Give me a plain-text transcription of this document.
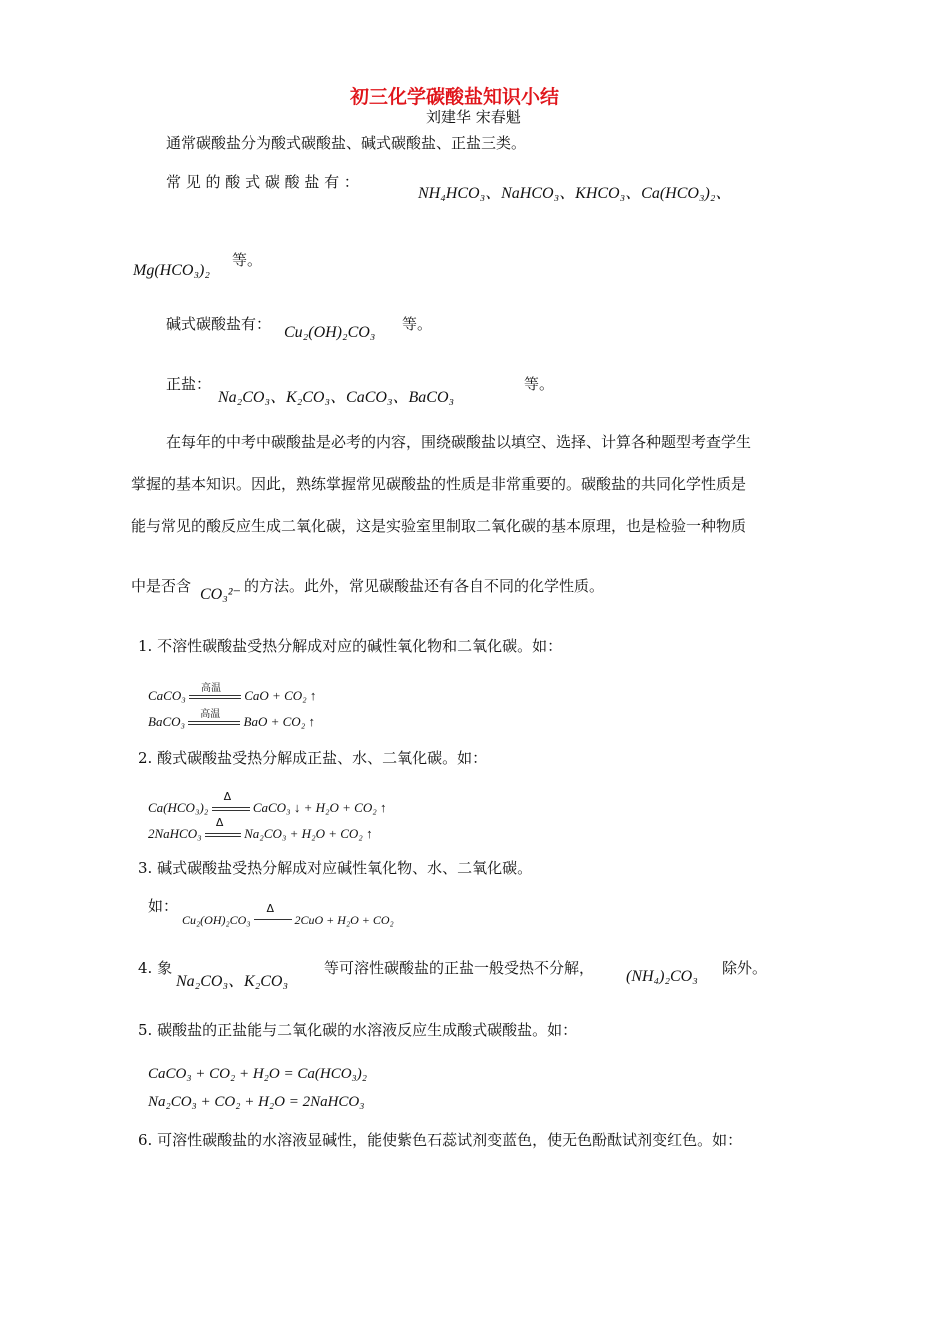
初三化学碳酸盐知识小结
刘建华 宋春魁
通常碳酸盐分为酸式碳酸盐、碱式碳酸盐、正盐三类。
常 见 的 酸 式 碳 酸 盐 有 ：
NH₄HCO₃、NaHCO₃、KHCO₃、Ca(HCO₃)₂、
Mg(HCO₃)₂
等。
碱式碳酸盐有： Cu₂(OH)₂CO₃ 等。
正盐：
Na₂CO₃、K₂CO₃、CaCO₃、BaCO₃
等。
在每年的中考中碳酸盐是必考的内容，围绕碳酸盐以填空、选择、计算各种题型考查学生
掌握的基本知识。因此，熟练掌握常见碳酸盐的性质是非常重要的。碳酸盐的共同化学性质是
能与常见的酸反应生成二氧化碳，这是实验室里制取二氧化碳的基本原理，也是检验一种物质
中是否含 CO₃²⁻ 的方法。此外，常见碳酸盐还有各自不同的化学性质。
1. 不溶性碳酸盐受热分解成对应的碱性氧化物和二氧化碳。如：
CaCO₃ 高温 CaO + CO₂ ↑
BaCO₃ 高温 BaO + CO₂ ↑
2. 酸式碳酸盐受热分解成正盐、水、二氧化碳。如：
Ca(HCO₃)₂
Δ
CaCO₃ ↓ + H₂O + CO₂ ↑
2NaHCO₃
Δ
Na₂CO₃ + H₂O + CO₂ ↑
3. 碱式碳酸盐受热分解成对应碱性氧化物、水、二氧化碳。
如：
Cu₂(OH)₂CO₃
Δ
2CuO + H₂O + CO₂
4. 象
Na₂CO₃、K₂CO₃
等可溶性碳酸盐的正盐一般受热不分解， (NH₄)₂CO₃ 除外。
5. 碳酸盐的正盐能与二氧化碳的水溶液反应生成酸式碳酸盐。如：
CaCO₃ + CO₂ + H₂O = Ca(HCO₃)₂
Na₂CO₃ + CO₂ + H₂O = 2NaHCO₃
6. 可溶性碳酸盐的水溶液显碱性，能使紫色石蕊试剂变蓝色，使无色酚酞试剂变红色。如：
